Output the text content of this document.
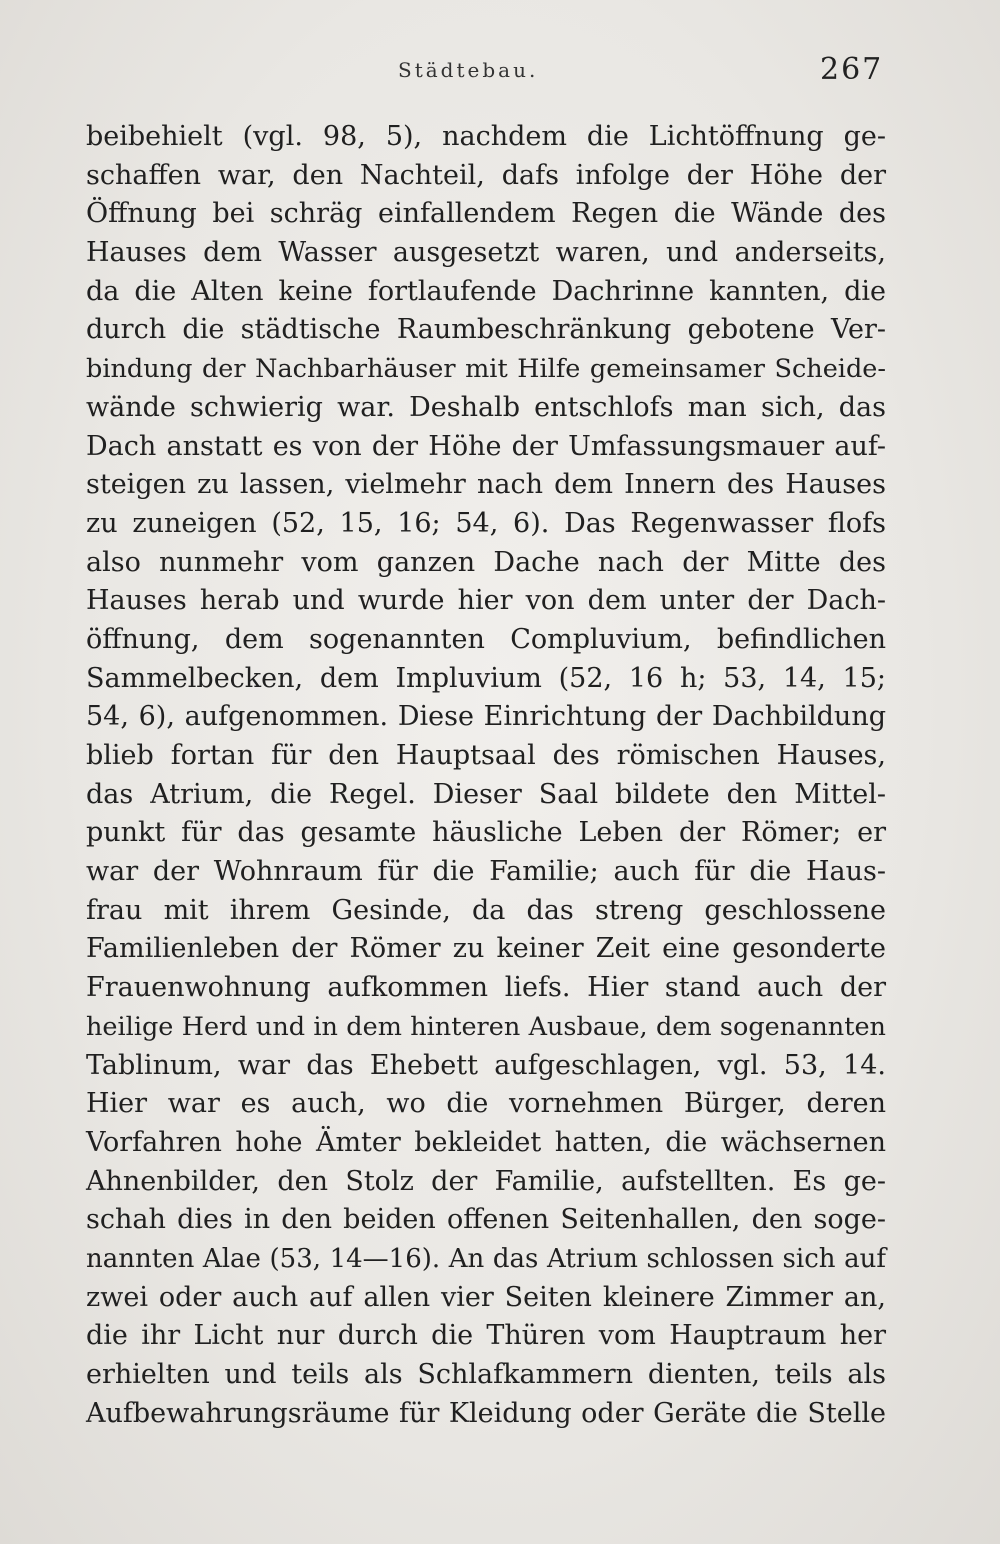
Städtebau.	267
beibehielt (vgl. 98, 5), nachdem die Lichtöffnung ge-
schaffen war, den Nachteil, dafs infolge der Höhe der
Öffnung bei schräg einfallendem Regen die Wände des
Hauses dem Wasser ausgesetzt waren, und anderseits,
da die Alten keine fortlaufende Dachrinne kannten, die
durch die städtische Raumbeschränkung gebotene Ver-
bindung der Nachbarhäuser mit Hilfe gemeinsamer Scheide-
wände schwierig war. Deshalb entschlofs man sich, das
Dach anstatt es von der Höhe der Umfassungsmauer auf-
steigen zu lassen, vielmehr nach dem Innern des Hauses
zu zuneigen (52, 15, 16; 54, 6). Das Regenwasser flofs
also nunmehr vom ganzen Dache nach der Mitte des
Hauses herab und wurde hier von dem unter der Dach-
öffnung, dem sogenannten Compluvium, befindlichen
Sammelbecken, dem Impluvium (52, 16 h; 53, 14, 15;
54, 6), aufgenommen. Diese Einrichtung der Dachbildung
blieb fortan für den Hauptsaal des römischen Hauses,
das Atrium, die Regel. Dieser Saal bildete den Mittel-
punkt für das gesamte häusliche Leben der Römer; er
war der Wohnraum für die Familie; auch für die Haus-
frau mit ihrem Gesinde, da das streng geschlossene
Familienleben der Römer zu keiner Zeit eine gesonderte
Frauenwohnung aufkommen liefs. Hier stand auch der
heilige Herd und in dem hinteren Ausbaue, dem sogenannten
Tablinum, war das Ehebett aufgeschlagen, vgl. 53, 14.
Hier war es auch, wo die vornehmen Bürger, deren
Vorfahren hohe Ämter bekleidet hatten, die wächsernen
Ahnenbilder, den Stolz der Familie, aufstellten. Es ge-
schah dies in den beiden offenen Seitenhallen, den soge-
nannten Alae (53, 14—16). An das Atrium schlossen sich auf
zwei oder auch auf allen vier Seiten kleinere Zimmer an,
die ihr Licht nur durch die Thüren vom Hauptraum her
erhielten und teils als Schlafkammern dienten, teils als
Aufbewahrungsräume für Kleidung oder Geräte die Stelle
